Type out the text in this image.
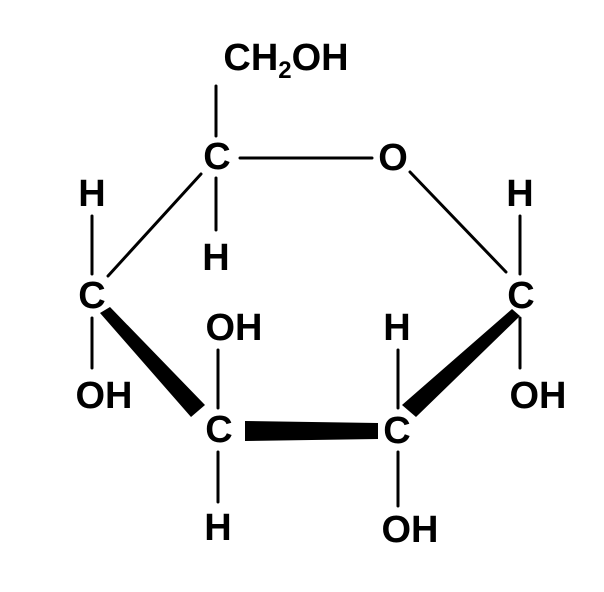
$CH_2OH$
C	O
C
C
C
C
H
H
OH
H
OH
H
OH
OH
H
